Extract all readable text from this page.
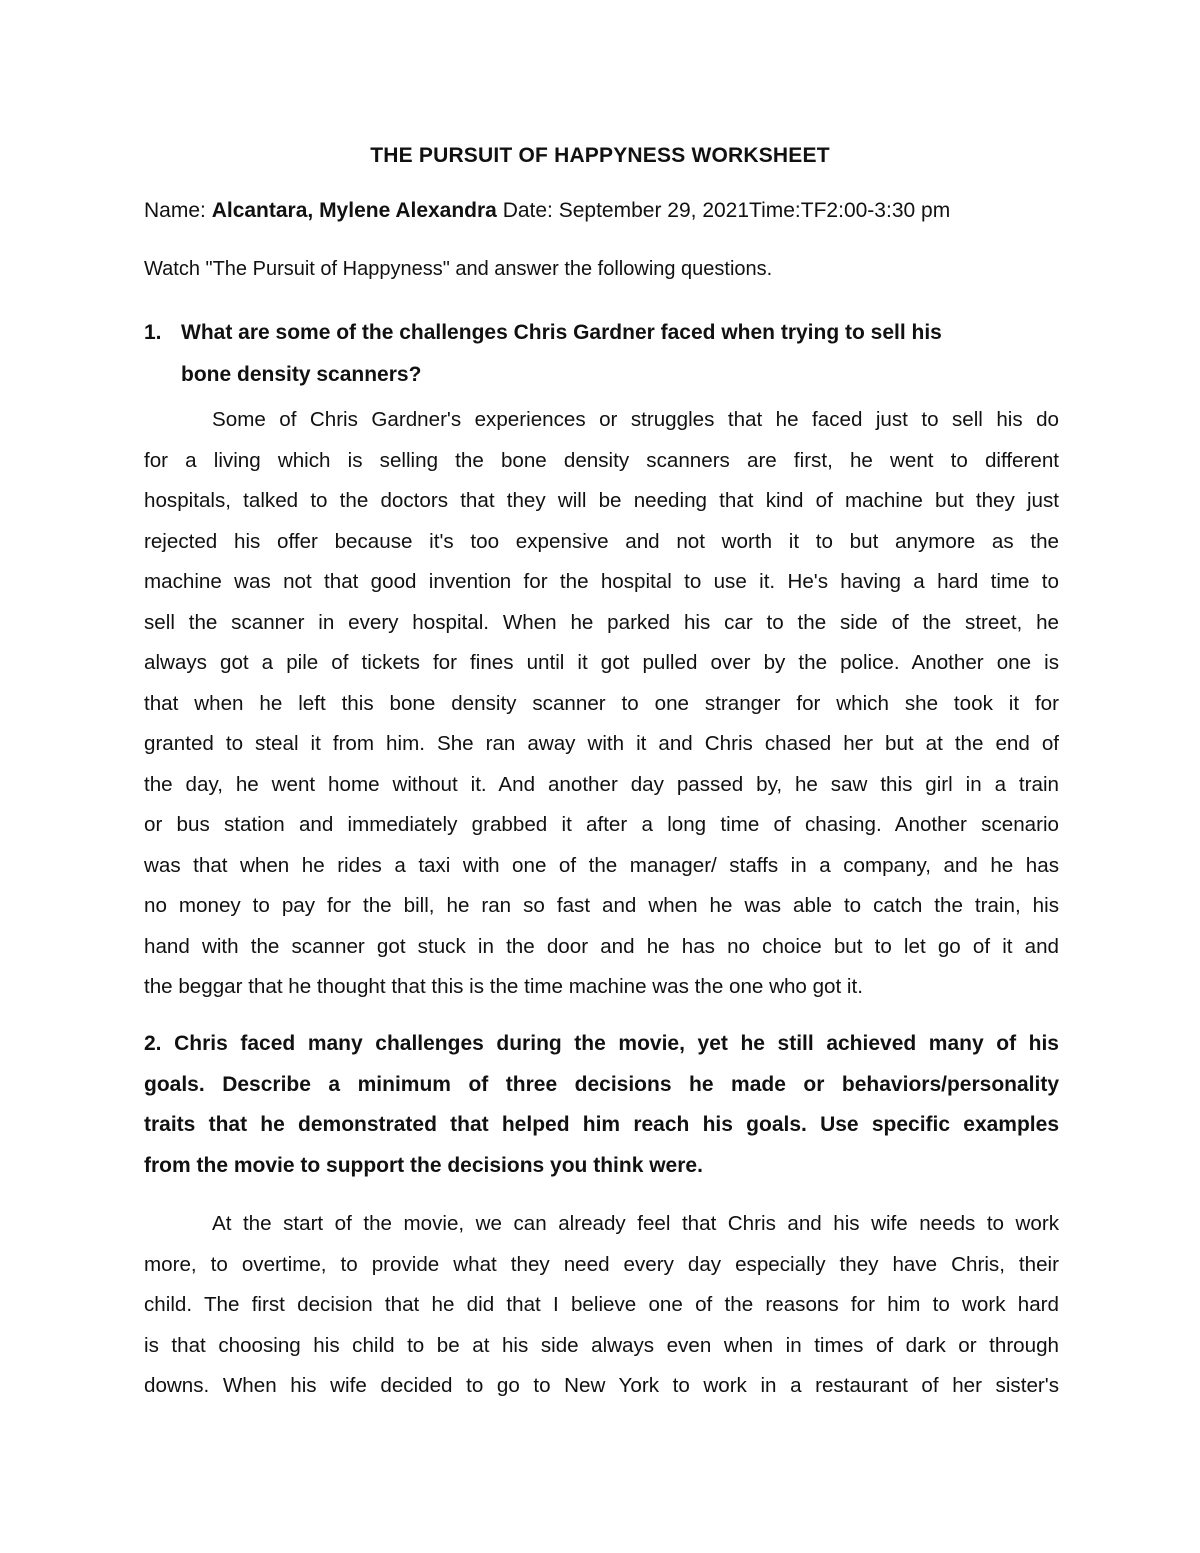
THE PURSUIT OF HAPPYNESS WORKSHEET
Name: Alcantara, Mylene Alexandra Date: September 29, 2021Time:TF2:00-3:30 pm
Watch "The Pursuit of Happyness" and answer the following questions.
1. What are some of the challenges Chris Gardner faced when trying to sell his
bone density scanners?
Some of Chris Gardner's experiences or struggles that he faced just to sell his do
for a living which is selling the bone density scanners are first, he went to different
hospitals, talked to the doctors that they will be needing that kind of machine but they just
rejected his offer because it's too expensive and not worth it to but anymore as the
machine was not that good invention for the hospital to use it. He's having a hard time to
sell the scanner in every hospital. When he parked his car to the side of the street, he
always got a pile of tickets for fines until it got pulled over by the police. Another one is
that when he left this bone density scanner to one stranger for which she took it for
granted to steal it from him. She ran away with it and Chris chased her but at the end of
the day, he went home without it. And another day passed by, he saw this girl in a train
or bus station and immediately grabbed it after a long time of chasing. Another scenario
was that when he rides a taxi with one of the manager/ staffs in a company, and he has
no money to pay for the bill, he ran so fast and when he was able to catch the train, his
hand with the scanner got stuck in the door and he has no choice but to let go of it and
the beggar that he thought that this is the time machine was the one who got it.
2. Chris faced many challenges during the movie, yet he still achieved many of his
goals. Describe a minimum of three decisions he made or behaviors/personality
traits that he demonstrated that helped him reach his goals. Use specific examples
from the movie to support the decisions you think were.
At the start of the movie, we can already feel that Chris and his wife needs to work
more, to overtime, to provide what they need every day especially they have Chris, their
child. The first decision that he did that I believe one of the reasons for him to work hard
is that choosing his child to be at his side always even when in times of dark or through
downs. When his wife decided to go to New York to work in a restaurant of her sister's
